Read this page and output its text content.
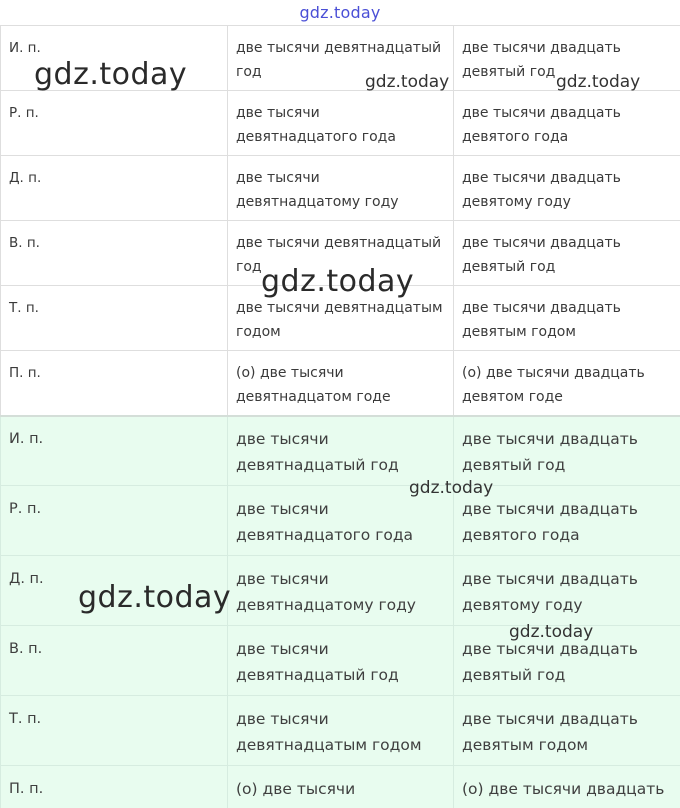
gdz.today
И. п.	две тысячи девятнадцатый год	две тысячи двадцать девятый год
Р. п.	две тысячи девятнадцатого года	две тысячи двадцать девятого года
Д. п.	две тысячи девятнадцатому году	две тысячи двадцать девятому году
В. п.	две тысячи девятнадцатый год	две тысячи двадцать девятый год
Т. п.	две тысячи девятнадцатым годом	две тысячи двадцать девятым годом
П. п.	(о) две тысячи девятнадцатом годе	(о) две тысячи двадцать девятом годе
И. п.	две тысячи девятнадцатый год	две тысячи двадцать девятый год
Р. п.	две тысячи девятнадцатого года	две тысячи двадцать девятого года
Д. п.	две тысячи девятнадцатому году	две тысячи двадцать девятому году
В. п.	две тысячи девятнадцатый год	две тысячи двадцать девятый год
Т. п.	две тысячи девятнадцатым годом	две тысячи двадцать девятым годом
П. п.	(о) две тысячи	(о) две тысячи двадцать
gdz.today	gdz.today	gdz.today
gdz.today
gdz.today
gdz.today
gdz.today
